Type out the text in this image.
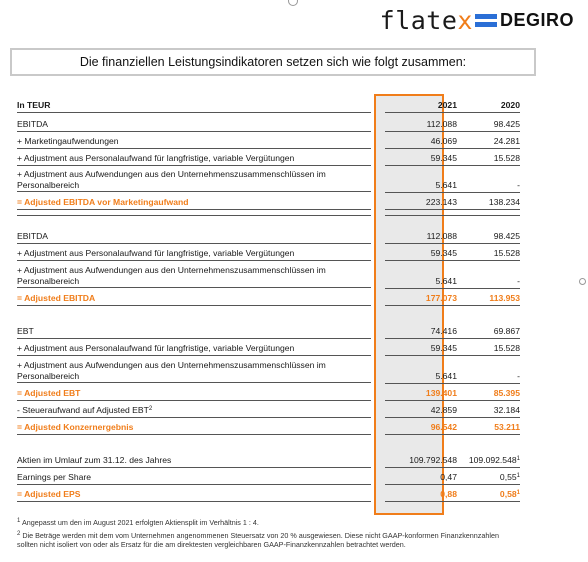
flatex DEGIRO
Die finanziellen Leistungsindikatoren setzen sich wie folgt zusammen:
In TEUR	2021	2020
EBITDA	112.088	98.425
+ Marketingaufwendungen	46.069	24.281
+ Adjustment aus Personalaufwand für langfristige, variable Vergütungen	59.345	15.528
+ Adjustment aus Aufwendungen aus den Unternehmenszusammenschlüssen im Personalbereich	5.641	-
= Adjusted EBITDA vor Marketingaufwand	223.143	138.234
EBITDA	112.088	98.425
+ Adjustment aus Personalaufwand für langfristige, variable Vergütungen	59.345	15.528
+ Adjustment aus Aufwendungen aus den Unternehmenszusammenschlüssen im Personalbereich	5.641	-
= Adjusted EBITDA	177.073	113.953
EBT	74.416	69.867
+ Adjustment aus Personalaufwand für langfristige, variable Vergütungen	59.345	15.528
+ Adjustment aus Aufwendungen aus den Unternehmenszusammenschlüssen im Personalbereich	5.641	-
= Adjusted EBT	139.401	85.395
- Steueraufwand auf Adjusted EBT$^2$	42.859	32.184
= Adjusted Konzernergebnis	96.542	53.211
Aktien im Umlauf zum 31.12. des Jahres	109.792.548	109.092.548$^1$
Earnings per Share	0,47	$0,55^1$
= Adjusted EPS	0,88	0,58$^1$

$^1$ Angepasst um den im August 2021 erfolgten Aktiensplit im Verhältnis 1 : 4.

$^2$ Die Beträge werden mit dem vom Unternehmen angenommenen Steuersatz von 20 % ausgewiesen. Diese nicht GAAP-konformen Finanzkennzahlen sollten nicht isoliert von oder als Ersatz für die am direktesten vergleichbaren GAAP-Finanzkennzahlen betrachtet werden.
